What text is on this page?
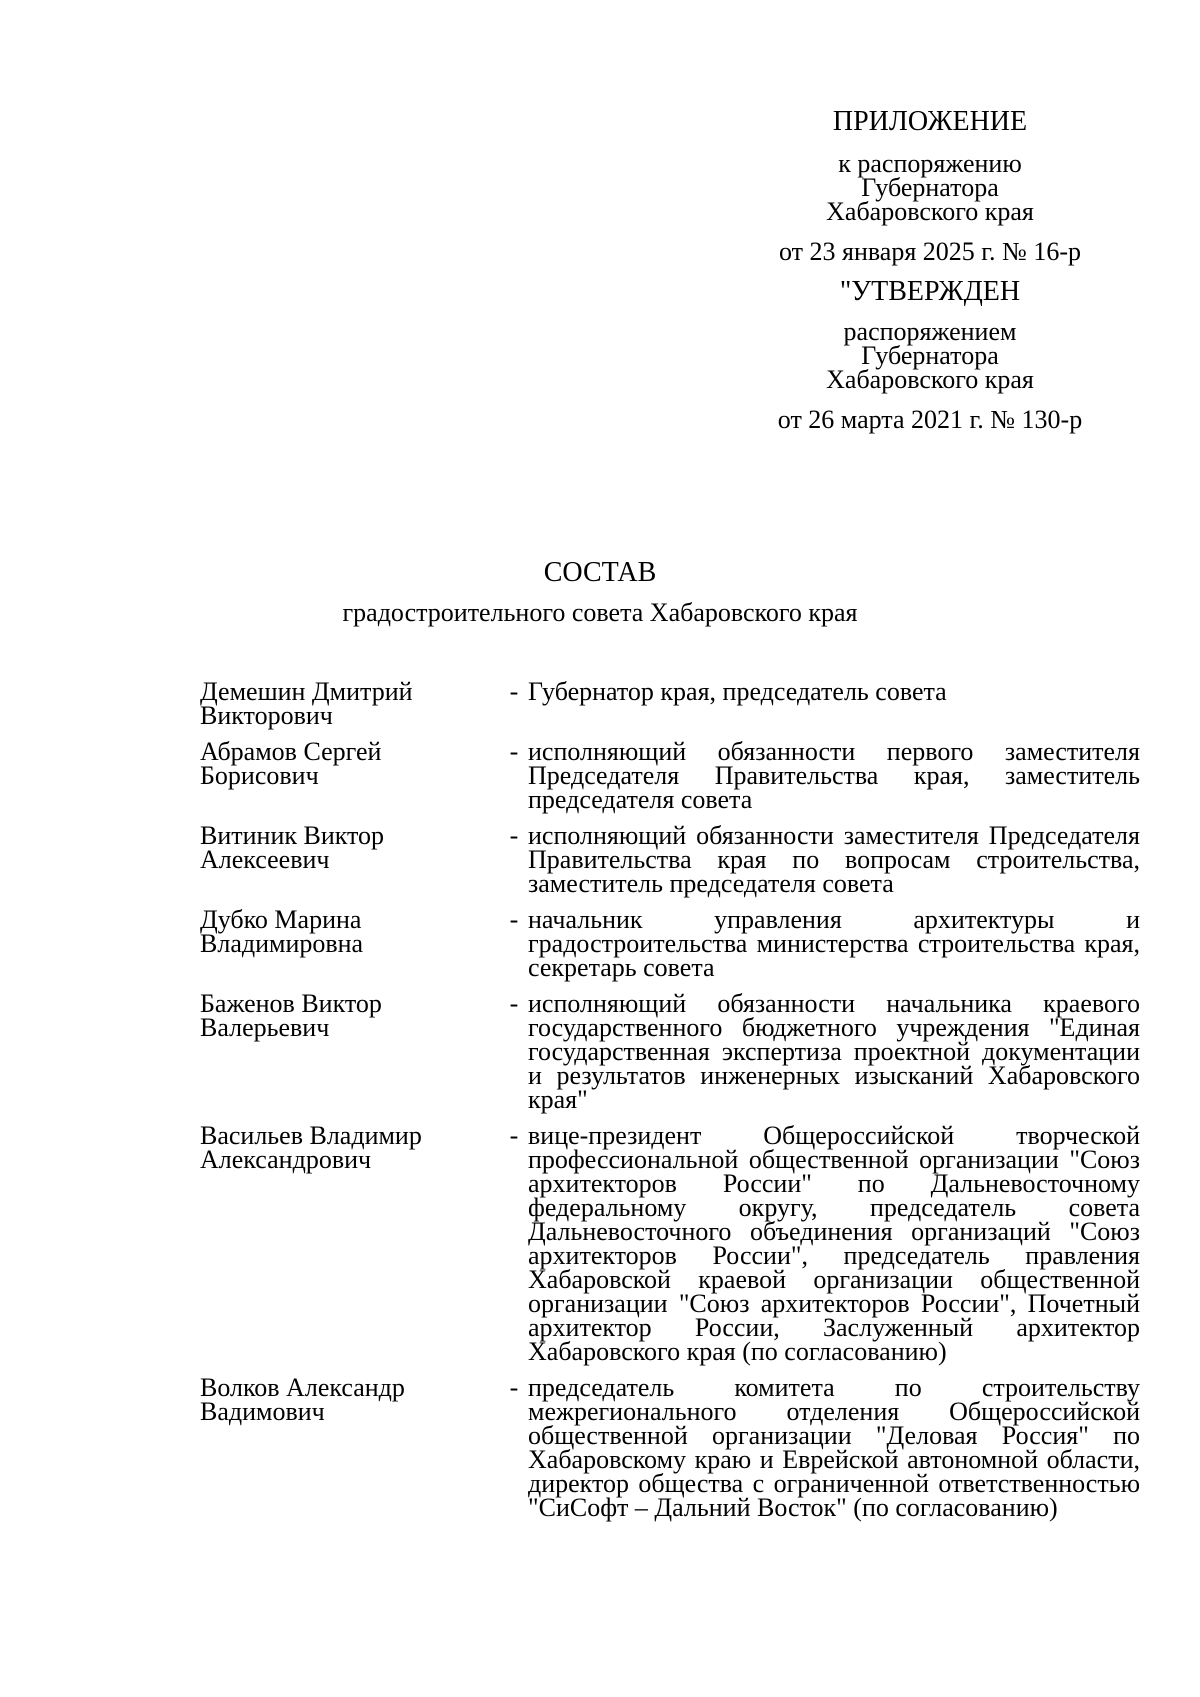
ПРИЛОЖЕНИЕ
к распоряжению
Губернатора
Хабаровского края
от 23 января 2025 г. № 16-р
"УТВЕРЖДЕН
распоряжением
Губернатора
Хабаровского края
от 26 марта 2021 г. № 130-р
СОСТАВ
градостроительного совета Хабаровского края
Демешин Дмитрий Викторович
- Губернатор края, председатель совета
Абрамов Сергей Борисович
- исполняющий обязанности первого заместителя Председателя Правительства края, заместитель председателя совета
Витиник Виктор Алексеевич
- исполняющий обязанности заместителя Председателя Правительства края по вопросам строительства, заместитель председателя совета
Дубко Марина Владимировна
- начальник управления архитектуры и градостроительства министерства строительства края, секретарь совета
Баженов Виктор Валерьевич
- исполняющий обязанности начальника краевого государственного бюджетного учреждения "Единая государственная экспертиза проектной документации и результатов инженерных изысканий Хабаровского края"
Васильев Владимир Александрович
- вице-президент Общероссийской творческой профессиональной общественной организации "Союз архитекторов России" по Дальневосточному федеральному округу, председатель совета Дальневосточного объединения организаций "Союз архитекторов России", председатель правления Хабаровской краевой организации общественной организации "Союз архитекторов России", Почетный архитектор России, Заслуженный архитектор Хабаровского края (по согласованию)
Волков Александр Вадимович
- председатель комитета по строительству межрегионального отделения Общероссийской общественной организации "Деловая Россия" по Хабаровскому краю и Еврейской автономной области, директор общества с ограниченной ответственностью "СиСофт – Дальний Восток" (по согласованию)
